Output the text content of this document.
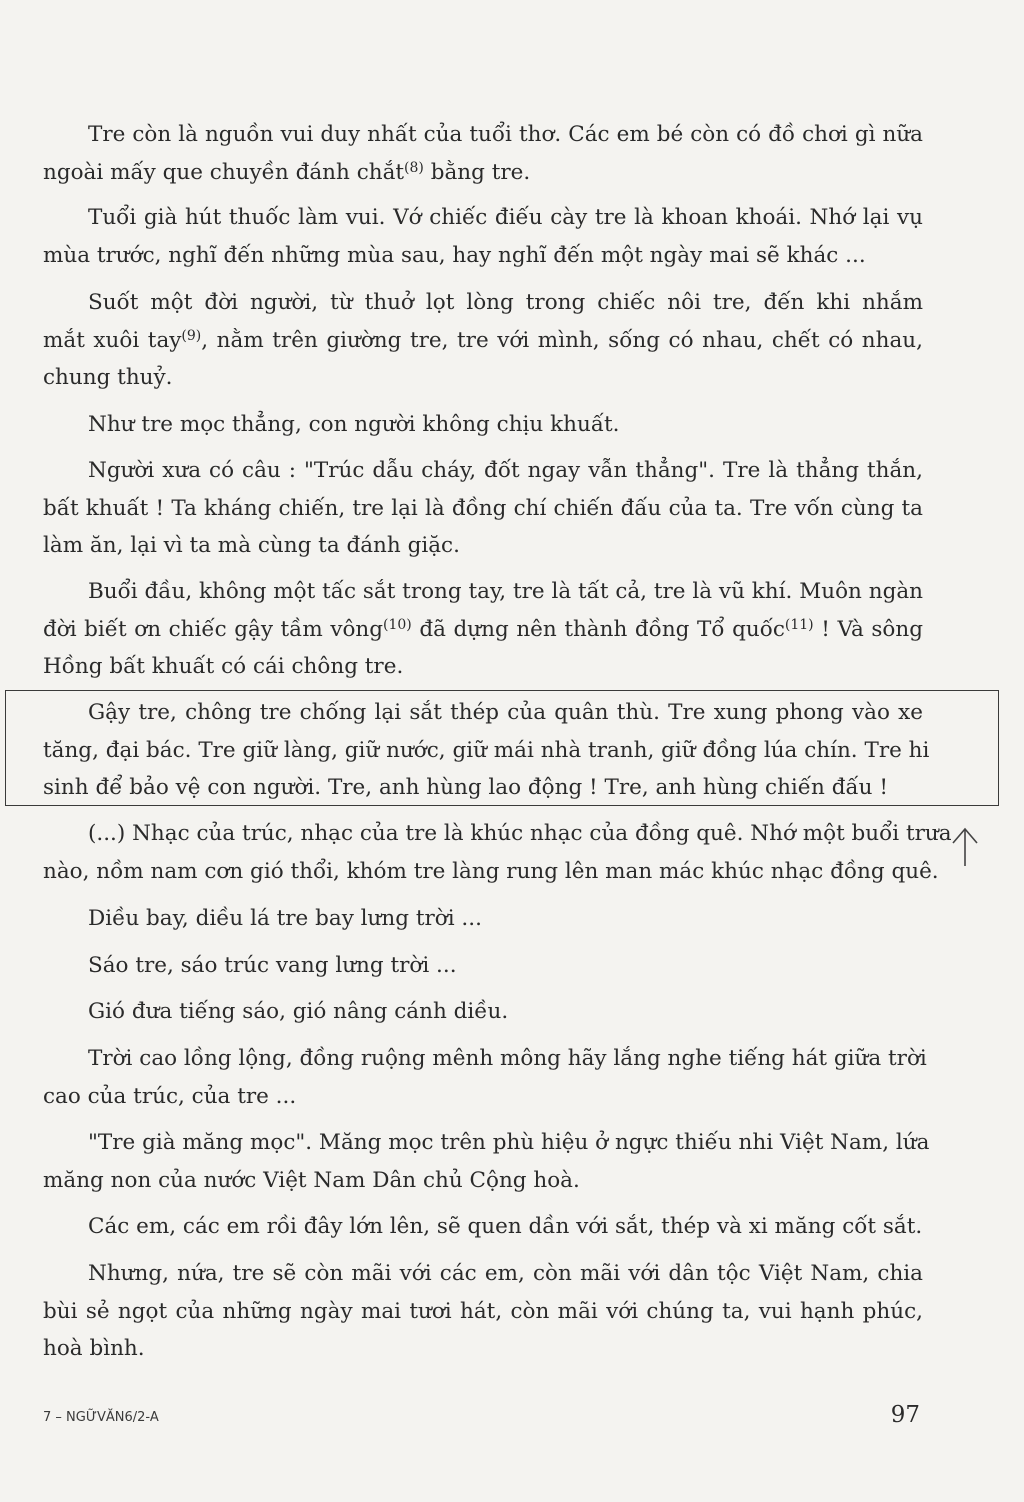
Tre còn là nguồn vui duy nhất của tuổi thơ. Các em bé còn có đồ chơi gì nữa
ngoài mấy que chuyền đánh chắt$^{(8)}$ bằng tre.

Tuổi già hút thuốc làm vui. Vớ chiếc điếu cày tre là khoan khoái. Nhớ lại vụ
mùa trước, nghĩ đến những mùa sau, hay nghĩ đến một ngày mai sẽ khác ...

Suốt một đời người, từ thuở lọt lòng trong chiếc nôi tre, đến khi nhắm
mắt xuôi tay$^{(9)}$, nằm trên giường tre, tre với mình, sống có nhau, chết có nhau,
chung thuỷ.

Như tre mọc thẳng, con người không chịu khuất.

Người xưa có câu : "Trúc dẫu cháy, đốt ngay vẫn thẳng". Tre là thẳng thắn,
bất khuất ! Ta kháng chiến, tre lại là đồng chí chiến đấu của ta. Tre vốn cùng ta
làm ăn, lại vì ta mà cùng ta đánh giặc.

Buổi đầu, không một tấc sắt trong tay, tre là tất cả, tre là vũ khí. Muôn ngàn
đời biết ơn chiếc gậy tầm vông$^{(10)}$ đã dựng nên thành đồng Tổ quốc$^{(11)}$ ! Và sông
Hồng bất khuất có cái chông tre.

Gậy tre, chông tre chống lại sắt thép của quân thù. Tre xung phong vào xe
tăng, đại bác. Tre giữ làng, giữ nước, giữ mái nhà tranh, giữ đồng lúa chín. Tre hi
sinh để bảo vệ con người. Tre, anh hùng lao động ! Tre, anh hùng chiến đấu !

(...) Nhạc của trúc, nhạc của tre là khúc nhạc của đồng quê. Nhớ một buổi trưa
nào, nồm nam cơn gió thổi, khóm tre làng rung lên man mác khúc nhạc đồng quê.

Diều bay, diều lá tre bay lưng trời ...

Sáo tre, sáo trúc vang lưng trời ...

Gió đưa tiếng sáo, gió nâng cánh diều.

Trời cao lồng lộng, đồng ruộng mênh mông hãy lắng nghe tiếng hát giữa trời
cao của trúc, của tre ...

"Tre già măng mọc". Măng mọc trên phù hiệu ở ngực thiếu nhi Việt Nam, lứa
măng non của nước Việt Nam Dân chủ Cộng hoà.

Các em, các em rồi đây lớn lên, sẽ quen dần với sắt, thép và xi măng cốt sắt.

Nhưng, nứa, tre sẽ còn mãi với các em, còn mãi với dân tộc Việt Nam, chia
bùi sẻ ngọt của những ngày mai tươi hát, còn mãi với chúng ta, vui hạnh phúc,
hoà bình.

7 – NGỮVĂN6/2-A	97
